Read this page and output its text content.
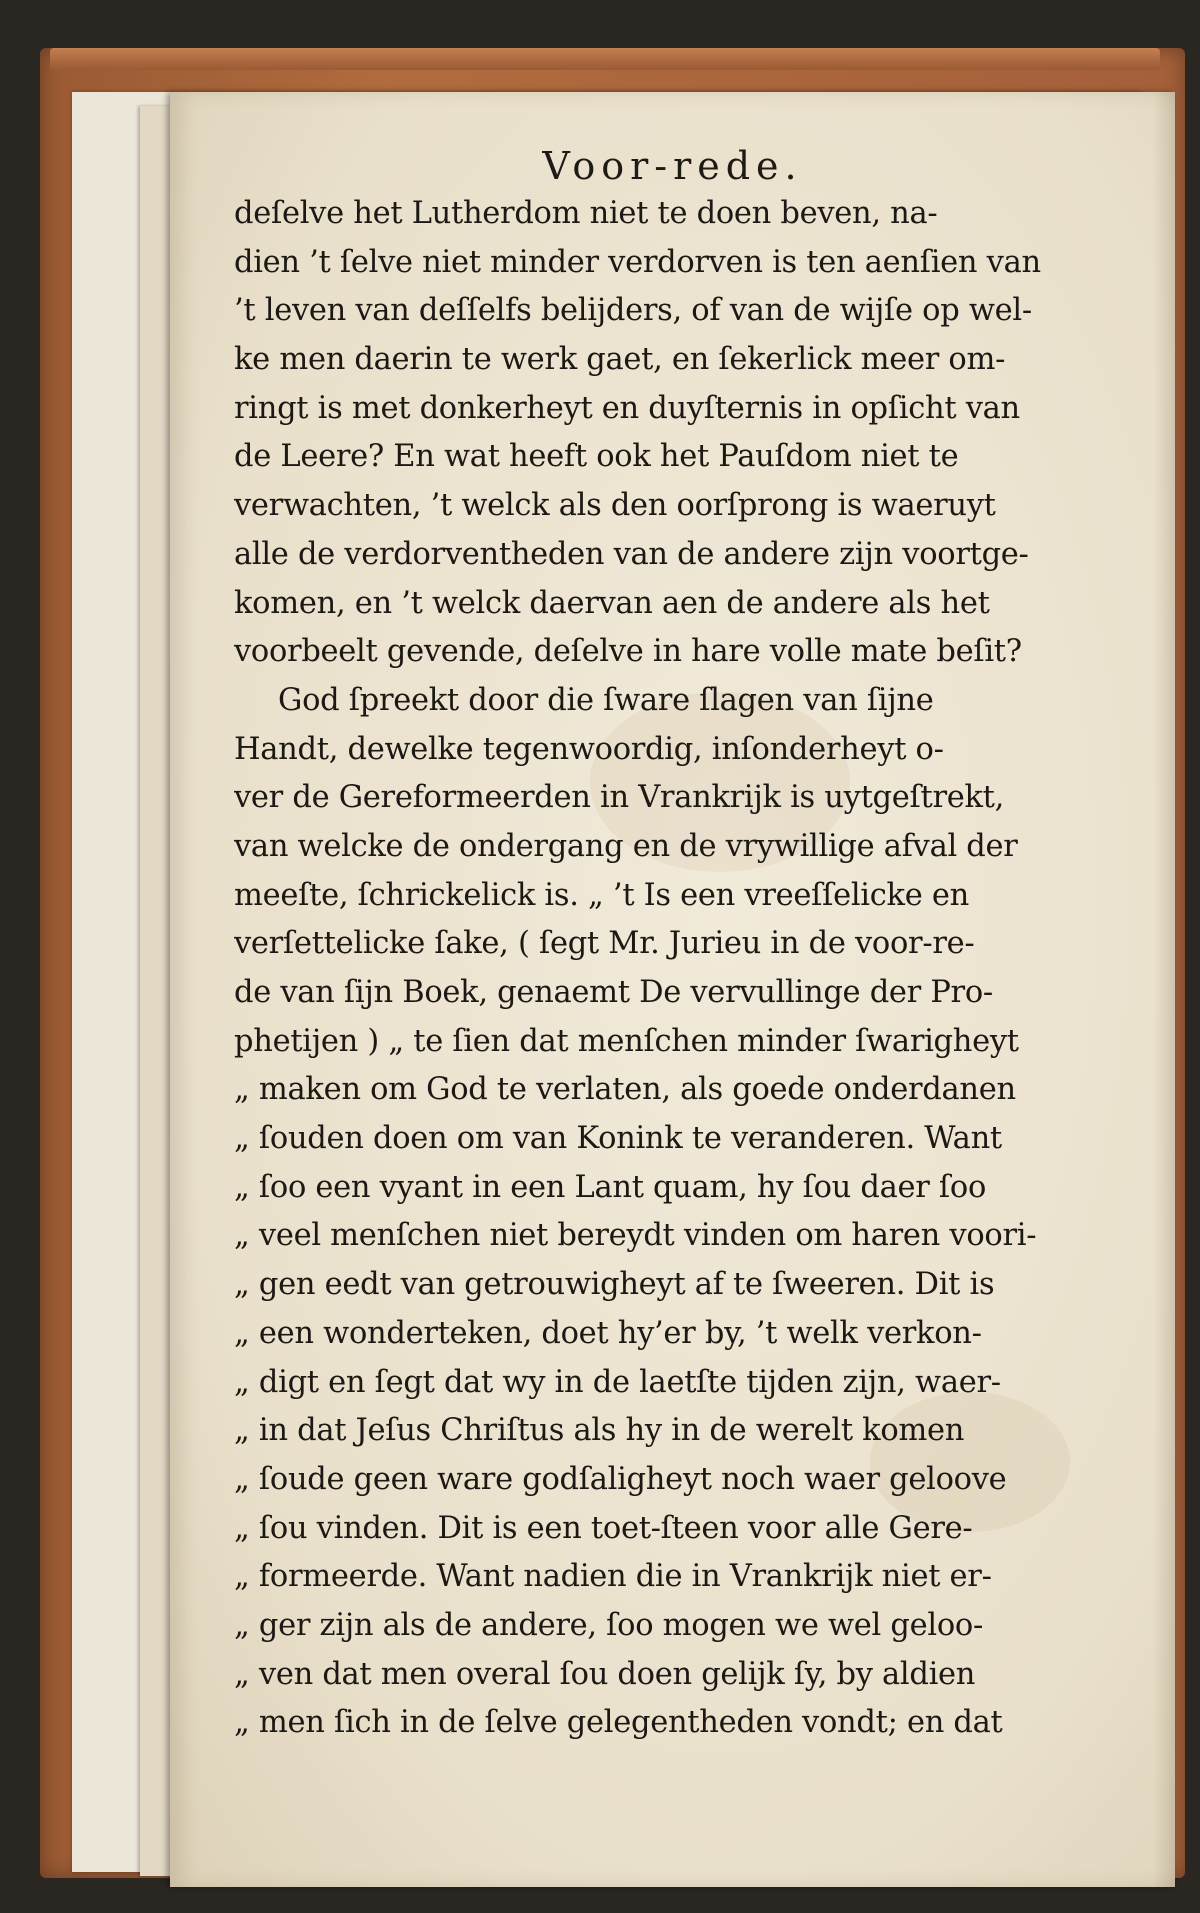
Voor-rede.
deſelve het Lutherdom niet te doen beven, na-
dien ’t ſelve niet minder verdorven is ten aenſien van
’t leven van deſſelfs belijders, of van de wijſe op wel-
ke men daerin te werk gaet, en ſekerlick meer om-
ringt is met donkerheyt en duyſternis in opſicht van
de Leere? En wat heeft ook het Pauſdom niet te
verwachten, ’t welck als den oorſprong is waeruyt
alle de verdorventheden van de andere zijn voortge-
komen, en ’t welck daervan aen de andere als het
voorbeelt gevende, deſelve in hare volle mate beſit?
God ſpreekt door die ſware ſlagen van ſijne
Handt, dewelke tegenwoordig, inſonderheyt o-
ver de Gereformeerden in Vrankrijk is uytgeſtrekt,
van welcke de ondergang en de vrywillige afval der
meeſte, ſchrickelick is. „ ’t Is een vreeſſelicke en
verſettelicke ſake, ( ſegt Mr. Jurieu in de voor-re-
de van ſijn Boek, genaemt De vervullinge der Pro-
phetijen ) „ te ſien dat menſchen minder ſwarigheyt
„ maken om God te verlaten, als goede onderdanen
„ ſouden doen om van Konink te veranderen. Want
„ ſoo een vyant in een Lant quam, hy ſou daer ſoo
„ veel menſchen niet bereydt vinden om haren voori-
„ gen eedt van getrouwigheyt af te ſweeren. Dit is
„ een wonderteken, doet hy’er by, ’t welk verkon-
„ digt en ſegt dat wy in de laetſte tijden zijn, waer-
„ in dat Jeſus Chriſtus als hy in de werelt komen
„ ſoude geen ware godſaligheyt noch waer geloove
„ ſou vinden. Dit is een toet-ſteen voor alle Gere-
„ formeerde. Want nadien die in Vrankrijk niet er-
„ ger zijn als de andere, ſoo mogen we wel geloo-
„ ven dat men overal ſou doen gelijk ſy, by aldien
„ men ſich in de ſelve gelegentheden vondt; en dat
